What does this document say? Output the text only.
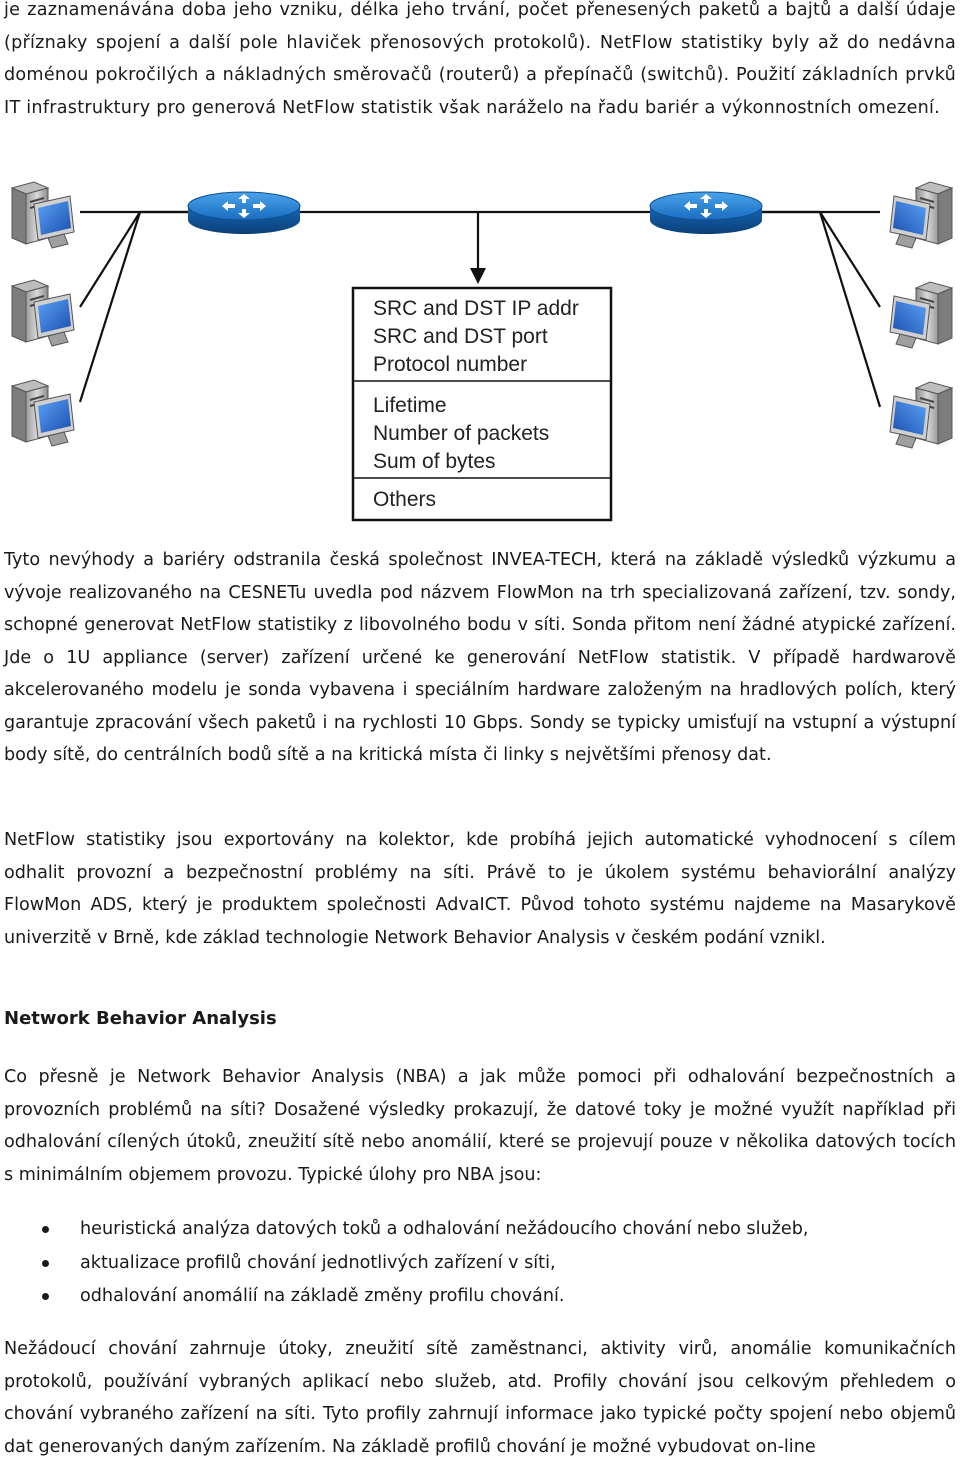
je zaznamenávána doba jeho vzniku, délka jeho trvání, počet přenesených paketů a bajtů a další údaje (příznaky spojení a další pole hlaviček přenosových protokolů). NetFlow statistiky byly až do nedávna doménou pokročilých a nákladných směrovačů (routerů) a přepínačů (switchů). Použití základních prvků IT infrastruktury pro generová NetFlow statistik však naráželo na řadu bariér a výkonnostních omezení.

SRC and DST IP addr
SRC and DST port
Protocol number
Lifetime
Number of packets
Sum of bytes
Others

Tyto nevýhody a bariéry odstranila česká společnost INVEA-TECH, která na základě výsledků výzkumu a vývoje realizovaného na CESNETu uvedla pod názvem FlowMon na trh specializovaná zařízení, tzv. sondy, schopné generovat NetFlow statistiky z libovolného bodu v síti. Sonda přitom není žádné atypické zařízení. Jde o 1U appliance (server) zařízení určené ke generování NetFlow statistik. V případě hardwarově akcelerovaného modelu je sonda vybavena i speciálním hardware založeným na hradlových polích, který garantuje zpracování všech paketů i na rychlosti 10 Gbps. Sondy se typicky umisťují na vstupní a výstupní body sítě, do centrálních bodů sítě a na kritická místa či linky s největšími přenosy dat.

NetFlow statistiky jsou exportovány na kolektor, kde probíhá jejich automatické vyhodnocení s cílem odhalit provozní a bezpečnostní problémy na síti. Právě to je úkolem systému behaviorální analýzy FlowMon ADS, který je produktem společnosti AdvaICT. Původ tohoto systému najdeme na Masarykově univerzitě v Brně, kde základ technologie Network Behavior Analysis v českém podání vznikl.

Network Behavior Analysis

Co přesně je Network Behavior Analysis (NBA) a jak může pomoci při odhalování bezpečnostních a provozních problémů na síti? Dosažené výsledky prokazují, že datové toky je možné využít například při odhalování cílených útoků, zneužití sítě nebo anomálií, které se projevují pouze v několika datových tocích s minimálním objemem provozu. Typické úlohy pro NBA jsou:

heuristická analýza datových toků a odhalování nežádoucího chování nebo služeb,
aktualizace profilů chování jednotlivých zařízení v síti,
odhalování anomálií na základě změny profilu chování.

Nežádoucí chování zahrnuje útoky, zneužití sítě zaměstnanci, aktivity virů, anomálie komunikačních protokolů, používání vybraných aplikací nebo služeb, atd. Profily chování jsou celkovým přehledem o chování vybraného zařízení na síti. Tyto profily zahrnují informace jako typické počty spojení nebo objemů dat generovaných daným zařízením. Na základě profilů chování je možné vybudovat on-line
